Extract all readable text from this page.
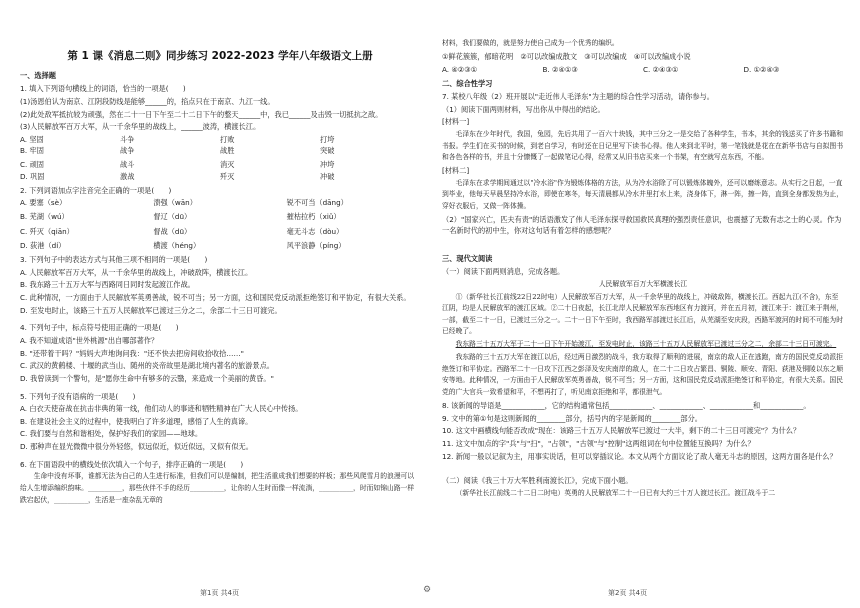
第 1 课《消息二则》同步练习 2022-2023 学年八年级语文上册
一、选择题

1. 填入下列语句横线上的词语，恰当的一项是(　　)

(1)汤恩伯认为南京、江阴段防线是能够______的，掐点只在于南京、九江一线。

(2)此处敌军抵抗较为顽强，然在二十一日下午至二十二日下午的整天______中，我已______及击毁一切抵抗之敌。

(3)人民解放军百万大军，从一千余华里的战线上，______波涛，横渡长江。

A. 坚固	斗争	打败	打垮
B. 牢固	战争	战胜	突破
C. 顽固	战斗	消灭	冲垮
D. 巩固	激战	歼灭	冲破

2. 下列词语加点字注音完全正确的一项是(　　)

A. 要塞（sè）	溃强（wān）	锐不可当（dāng）
B. 芜湖（wú）	督辽（dū）	摧枯拉朽（xiǔ）
C. 歼灭（qiān）	督战（dū）	毫无斗志（dòu）
D. 荻港（dí）	横渡（héng）	风平浪静（píng）

3. 下列句子中的表达方式与其他三项不相同的一项是(　　)

A. 人民解放军百万大军，从一千余华里的战线上，冲破敌阵，横渡长江。

B. 我东路三十五万大军与西路同日同时发起渡江作战。

C. 此种情况，一方面由于人民解放军英勇善战，锐不可当；另一方面，这和国民党反动派拒绝签订和平协定，有很大关系。

D. 至发电时止，该路三十五万人民解放军已渡过三分之二，余部二十三日可渡完。

4. 下列句子中，标点符号使用正确的一项是(　　)

A. 我不知道成语"世外桃源"出自哪部著作？

B. "还带着干吗？"妈妈大声地询问我："还不快去把房间收拾收拾……"

C. 武汉的黄鹤楼、十堰的武当山、随州的炎帝故里是湖北境内著名的旅游景点。

D. 我曾读到一个警句，是"愿你生命中有够多的云翳，来造成一个美丽的黄昏。"

5. 下列句子没有语病的一项是(　　)

A. 白衣天使奋战在抗击非典的第一线，他们动人的事迹和牺牲精神在广大人民心中传扬。

B. 在建设社会主义的过程中，使我明白了许多道理，感悟了人生的真谛。

C. 我们要与自然和谐相处，保护好我们的家园——地球。

D. 那种声在显光微微中很分外轻悠，似远似近，似近似远，又似有似无。

6. 在下面语段中的横线处依次填入一个句子，排序正确的一项是(　　)

生命中没有坏事，谁都无法为自己的人生进行标准，但我们可以是编制，把生活重成我们想要的样板；那些风爬雪月的浪漫可以给人生增添编织韵味。__________，那些伙伴不手的经历__________，让你的人生时而像一样流淌，__________，时而如锦山路一样跌宕起伏，__________，生活是一座杂乱无章的

材料，我们要做的，就是努力使自己成为一个优秀的编织。

①鲜花簇簇，郁暗花明　②可以改编成散文　③可以改编成　④可以改编成小说

A. ④②③①	B. ②④①③	C. ②④③①	D. ①②④③
二、综合性学习

7. 某校八年级（2）班开展以"走近伟人毛泽东"为主题的综合性学习活动，请你参与。

（1）阅读下面两则材料，写出你从中得出的结论。

[材料一]

毛泽东在少年时代，我国，兔园，先后共用了一百六十块钱，其中三分之一是交给了各种学生，书本，其余的钱送买了许多书籍和书报。学生们在买书的时候，到老自学习，有时还在日记里写下读书心得。他人来到北平时，第一笔钱就是花在在新华书店与自拟图书和各色各样的书，并且十分慷慨了一起做笔记心得，经常又从旧书店买来一个书架，有空就写点东西，不能。

[材料二]

毛泽东在求学期间通过以"冷水浴"作为锻炼体格的方法，从为冷水浴除了可以锻炼体魄外，还可以磨练意志。从实行之日起，一直到毕业，他每天早晨坚持冷水浴，即使在寒冬，每天清晨都从冷水井里打水上来，浇身体下，淋一阵，擦一阵，直到全身都发热为止，穿好衣服后，又做一阵体操。

（2）"国家兴亡，匹夫有责"的话语激发了伟人毛泽东探寻救国救民真理的强烈责任意识，也震撼了无数有志之士的心灵。作为一名新时代的初中生，你对这句话有着怎样的感想呢？

三、现代文阅读

（一）阅读下面两则消息，完成各题。

人民解放军百万大军横渡长江

①（新华社长江前线22日22时电）人民解放军百万大军，从一千余华里的战线上，冲破敌阵，横渡长江。西起九江(不含)，东至江阴，均是人民解放军的渡江区域。②二十日夜起，长江北岸人民解放军东西地区有力渡河，并在五月初，渡江来于：渡江来于荆州，一部，截至二十一日，已渡过三分之一。二十一日下午至时，我西路军部渡过长江后，从芜湖至安庆段，西路军渡河的时间不可能为时已经晚了。

我东路三十五万大军于二十一日下午开始渡江，至发电时止，该路三十五万人民解放军已渡过三分之二，余部二十三日可渡完。

我东路的三十五万大军在渡江以后，经过两日激烈的战斗，我方取得了顺利的进展，南京的敌人正在逃跑，南方的国民党反动派拒绝签订和平协定。西路军二十一日攻下江西之彭泽及安庆南岸的敌人，在二十二日攻占繁昌、铜陵、顺安、青阳、荻港及铜陵以东之顺安等地。此种情况，一方面由于人民解放军英勇善战，锐不可当；另一方面，这和国民党反动派拒绝签订和平协定，有很大关系。国民党的广大官兵一致希望和平，不想再打了，听见南京拒绝和平，都很泄气。

8. 该新闻的导语是____________，它的结构通常包括____________、____________、____________和____________。

9. 文中的第①句是这则新闻的________部分，括号内的字是新闻的________部分。

10. 这文中画横线句能否改成"现在：该路三十五万人民解放军已渡过一大半，剩下的二十三日可渡完"？为什么？

11. 这文中加点的字"兵"与"扫"，"占领"，"古领"与"控制"这两组词在句中位置能互换吗？为什么？

12. 新闻一般以记叙为主，用事实说话，但可以穿插议论。本文从两个方面议论了敌人毫无斗志的原因，这两方面各是什么？

（二）阅读《我三十万大军胜利南渡长江》，完成下面小题。

（新华社长江前线二十二日二时电）英勇的人民解放军二十一日已有大约三十万人渡过长江。渡江战斗于二

第1页 共4页	⚙	第2页 共4页
